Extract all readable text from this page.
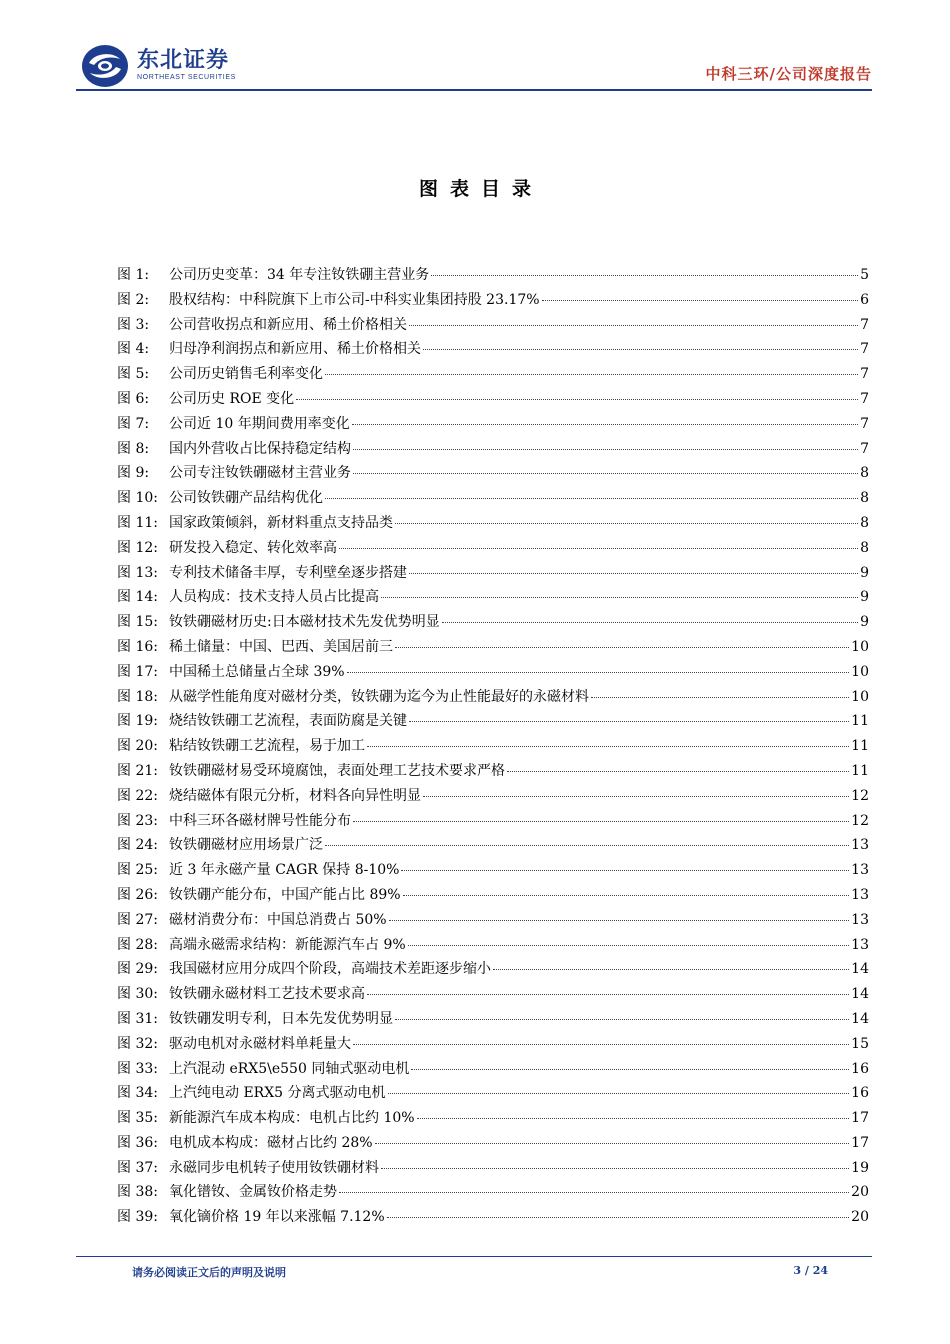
东北证券
NORTHEAST SECURITIES	中科三环/公司深度报告
图表目录
图 1:	公司历史变革：34 年专注钕铁硼主营业务	5
图 2:	股权结构：中科院旗下上市公司-中科实业集团持股 23.17%	6
图 3:	公司营收拐点和新应用、稀土价格相关	7
图 4:	归母净利润拐点和新应用、稀土价格相关	7
图 5:	公司历史销售毛利率变化	7
图 6:	公司历史 ROE 变化	7
图 7:	公司近 10 年期间费用率变化	7
图 8:	国内外营收占比保持稳定结构	7
图 9:	公司专注钕铁硼磁材主营业务	8
图 10: 公司钕铁硼产品结构优化	8
图 11: 国家政策倾斜，新材料重点支持品类	8
图 12: 研发投入稳定、转化效率高	8
图 13: 专利技术储备丰厚，专利壁垒逐步搭建	9
图 14: 人员构成：技术支持人员占比提高	9
图 15: 钕铁硼磁材历史:日本磁材技术先发优势明显	9
图 16: 稀土储量：中国、巴西、美国居前三	10
图 17: 中国稀土总储量占全球 39%	10
图 18: 从磁学性能角度对磁材分类，钕铁硼为迄今为止性能最好的永磁材料	10
图 19: 烧结钕铁硼工艺流程，表面防腐是关键	11
图 20: 粘结钕铁硼工艺流程，易于加工	11
图 21: 钕铁硼磁材易受环境腐蚀，表面处理工艺技术要求严格	11
图 22: 烧结磁体有限元分析，材料各向异性明显	12
图 23: 中科三环各磁材牌号性能分布	12
图 24: 钕铁硼磁材应用场景广泛	13
图 25: 近 3 年永磁产量 CAGR 保持 8-10%	13
图 26: 钕铁硼产能分布，中国产能占比 89%	13
图 27: 磁材消费分布：中国总消费占 50%	13
图 28: 高端永磁需求结构：新能源汽车占 9%	13
图 29: 我国磁材应用分成四个阶段，高端技术差距逐步缩小	14
图 30: 钕铁硼永磁材料工艺技术要求高	14
图 31: 钕铁硼发明专利，日本先发优势明显	14
图 32: 驱动电机对永磁材料单耗量大	15
图 33: 上汽混动 eRX5\e550 同轴式驱动电机	16
图 34: 上汽纯电动 ERX5 分离式驱动电机	16
图 35: 新能源汽车成本构成：电机占比约 10%	17
图 36: 电机成本构成：磁材占比约 28%	17
图 37: 永磁同步电机转子使用钕铁硼材料	19
图 38: 氧化镨钕、金属钕价格走势	20
图 39: 氧化镝价格 19 年以来涨幅 7.12%	20
请务必阅读正文后的声明及说明	3 / 24
